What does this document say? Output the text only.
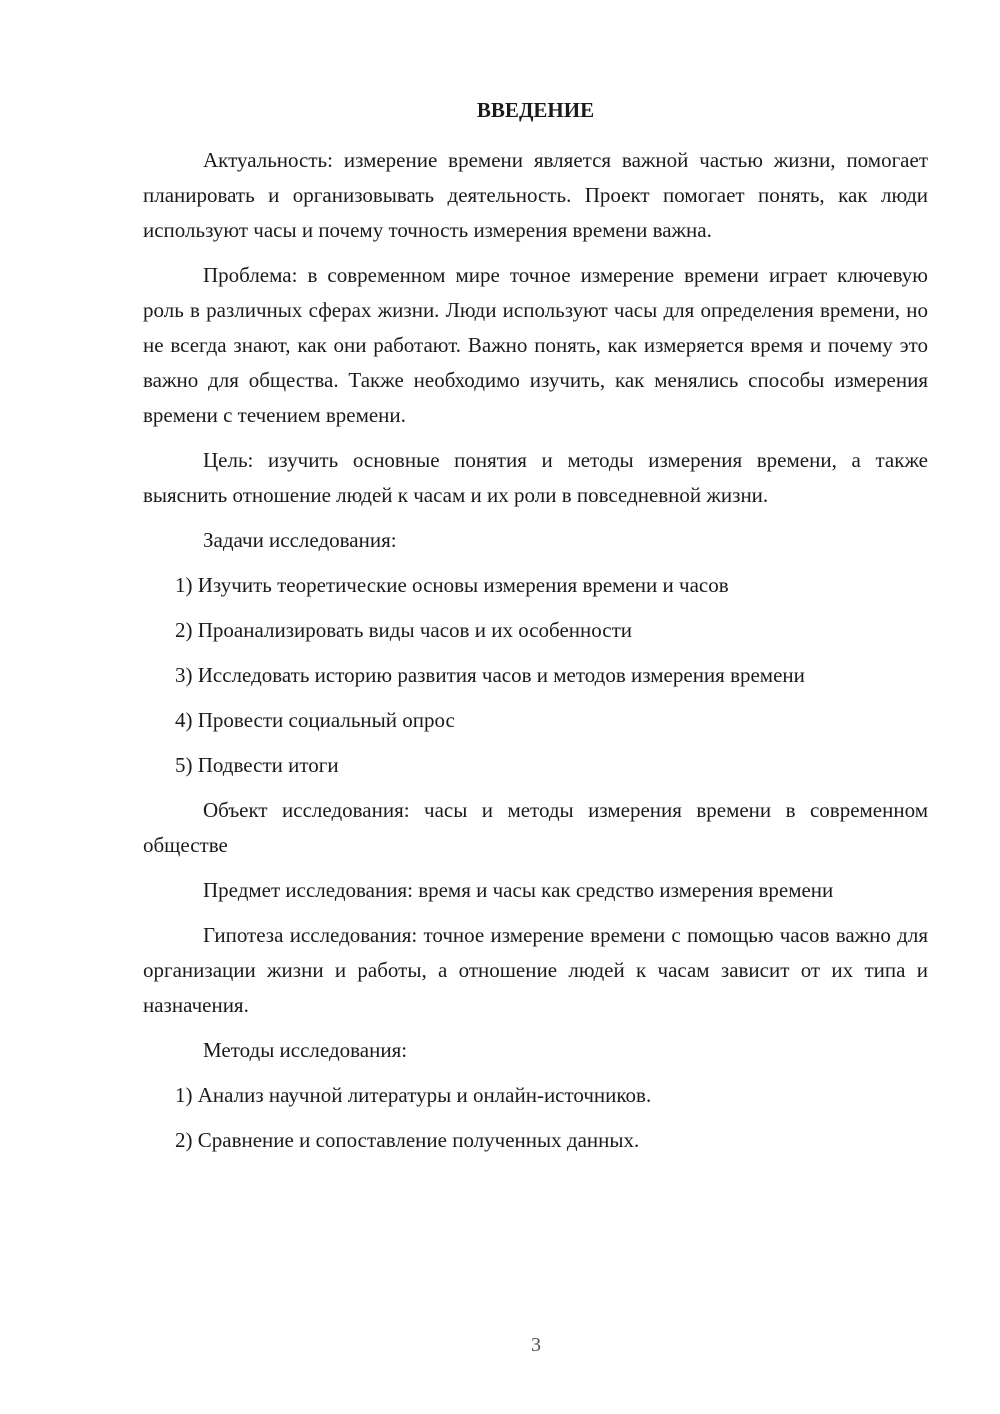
ВВЕДЕНИЕ

Актуальность: измерение времени является важной частью жизни, помогает планировать и организовывать деятельность. Проект помогает понять, как люди используют часы и почему точность измерения времени важна.

Проблема: в современном мире точное измерение времени играет ключевую роль в различных сферах жизни. Люди используют часы для определения времени, но не всегда знают, как они работают. Важно понять, как измеряется время и почему это важно для общества. Также необходимо изучить, как менялись способы измерения времени с течением времени.

Цель: изучить основные понятия и методы измерения времени, а также выяснить отношение людей к часам и их роли в повседневной жизни.

Задачи исследования:

1) Изучить теоретические основы измерения времени и часов

2) Проанализировать виды часов и их особенности

3) Исследовать историю развития часов и методов измерения времени

4) Провести социальный опрос

5) Подвести итоги

Объект исследования: часы и методы измерения времени в современном обществе

Предмет исследования: время и часы как средство измерения времени

Гипотеза исследования: точное измерение времени с помощью часов важно для организации жизни и работы, а отношение людей к часам зависит от их типа и назначения.

Методы исследования:

1) Анализ научной литературы и онлайн-источников.

2) Сравнение и сопоставление полученных данных.

3
